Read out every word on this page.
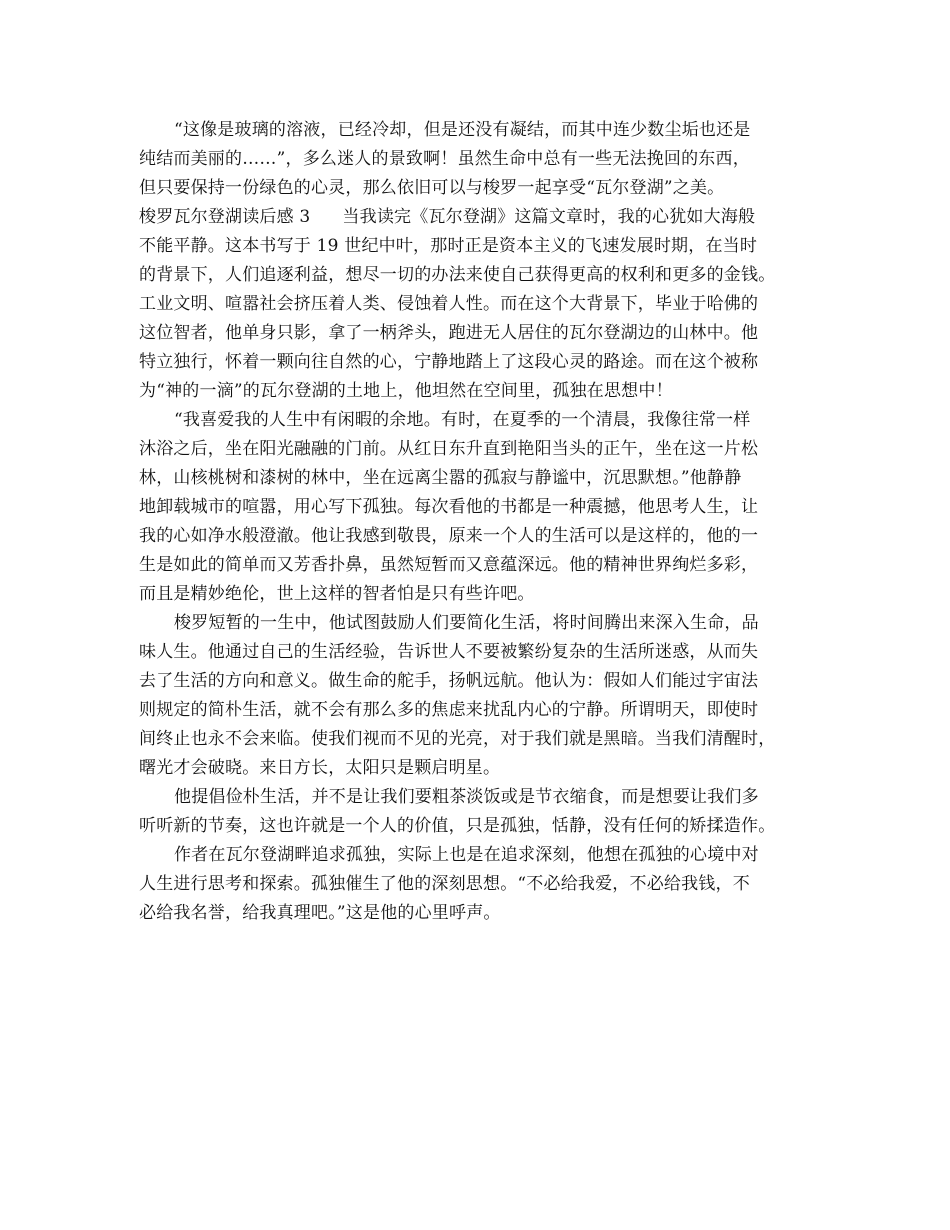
“这像是玻璃的溶液，已经冷却，但是还没有凝结，而其中连少数尘垢也还是
纯结而美丽的……”，多么迷人的景致啊！虽然生命中总有一些无法挽回的东西，
但只要保持一份绿色的心灵，那么依旧可以与梭罗一起享受“瓦尔登湖”之美。
梭罗瓦尔登湖读后感 3 当我读完《瓦尔登湖》这篇文章时，我的心犹如大海般
不能平静。这本书写于 19 世纪中叶，那时正是资本主义的飞速发展时期，在当时
的背景下，人们追逐利益，想尽一切的办法来使自己获得更高的权利和更多的金钱。
工业文明、喧嚣社会挤压着人类、侵蚀着人性。而在这个大背景下，毕业于哈佛的
这位智者，他单身只影，拿了一柄斧头，跑进无人居住的瓦尔登湖边的山林中。他
特立独行，怀着一颗向往自然的心，宁静地踏上了这段心灵的路途。而在这个被称
为“神的一滴”的瓦尔登湖的土地上，他坦然在空间里，孤独在思想中！
“我喜爱我的人生中有闲暇的余地。有时，在夏季的一个清晨，我像往常一样
沐浴之后，坐在阳光融融的门前。从红日东升直到艳阳当头的正午，坐在这一片松
林，山核桃树和漆树的林中，坐在远离尘嚣的孤寂与静谧中，沉思默想。”他静静
地卸载城市的喧嚣，用心写下孤独。每次看他的书都是一种震撼，他思考人生，让
我的心如净水般澄澈。他让我感到敬畏，原来一个人的生活可以是这样的，他的一
生是如此的简单而又芳香扑鼻，虽然短暂而又意蕴深远。他的精神世界绚烂多彩，
而且是精妙绝伦，世上这样的智者怕是只有些许吧。
梭罗短暂的一生中，他试图鼓励人们要简化生活，将时间腾出来深入生命，品
味人生。他通过自己的生活经验，告诉世人不要被繁纷复杂的生活所迷惑，从而失
去了生活的方向和意义。做生命的舵手，扬帆远航。他认为：假如人们能过宇宙法
则规定的简朴生活，就不会有那么多的焦虑来扰乱内心的宁静。所谓明天，即使时
间终止也永不会来临。使我们视而不见的光亮，对于我们就是黑暗。当我们清醒时，
曙光才会破晓。来日方长，太阳只是颗启明星。
他提倡俭朴生活，并不是让我们要粗茶淡饭或是节衣缩食，而是想要让我们多
听听新的节奏，这也许就是一个人的价值，只是孤独，恬静，没有任何的矫揉造作。
作者在瓦尔登湖畔追求孤独，实际上也是在追求深刻，他想在孤独的心境中对
人生进行思考和探索。孤独催生了他的深刻思想。“不必给我爱，不必给我钱，不
必给我名誉，给我真理吧。”这是他的心里呼声。
